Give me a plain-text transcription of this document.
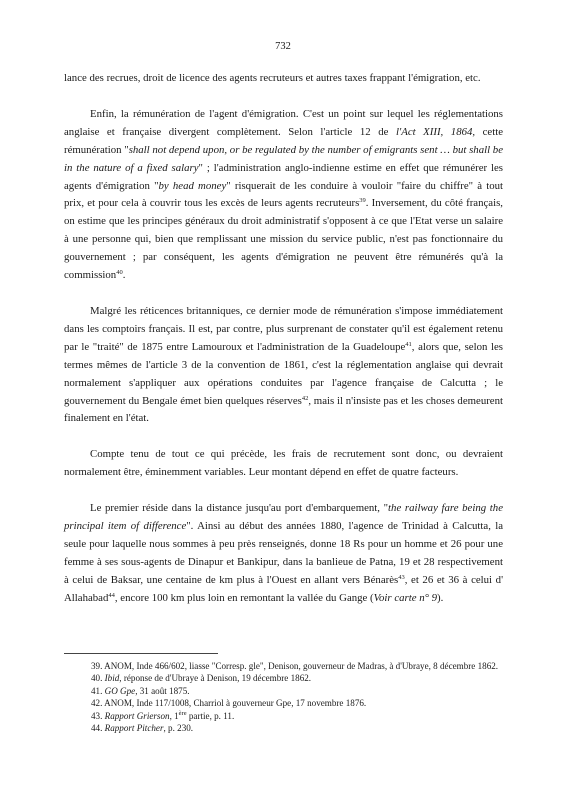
732

lance des recrues, droit de licence des agents recruteurs et autres taxes frappant l'émigration, etc.

Enfin, la rémunération de l'agent d'émigration. C'est un point sur lequel les réglementations anglaise et française divergent complètement. Selon l'article 12 de l'Act XIII, 1864, cette rémunération "shall not depend upon, or be regulated by the number of emigrants sent … but shall be in the nature of a fixed salary" ; l'administration anglo-indienne estime en effet que rémunérer les agents d'émigration "by head money" risquerait de les conduire à vouloir "faire du chiffre" à tout prix, et pour cela à couvrir tous les excès de leurs agents recruteurs$^{39}$. Inversement, du côté français, on estime que les principes généraux du droit administratif s'opposent à ce que l'Etat verse un salaire à une personne qui, bien que remplissant une mission du service public, n'est pas fonctionnaire du gouvernement ; par conséquent, les agents d'émigration ne peuvent être rémunérés qu'à la commission$^{40}$.

Malgré les réticences britanniques, ce dernier mode de rémunération s'impose immédiatement dans les comptoirs français. Il est, par contre, plus surprenant de constater qu'il est également retenu par le "traité" de 1875 entre Lamouroux et l'administration de la Guadeloupe$^{41}$, alors que, selon les termes mêmes de l'article 3 de la convention de 1861, c'est la réglementation anglaise qui devrait normalement s'appliquer aux opérations conduites par l'agence française de Calcutta ; le gouvernement du Bengale émet bien quelques réserves$^{42}$, mais il n'insiste pas et les choses demeurent finalement en l'état.

Compte tenu de tout ce qui précède, les frais de recrutement sont donc, ou devraient normalement être, éminemment variables. Leur montant dépend en effet de quatre facteurs.

Le premier réside dans la distance jusqu'au port d'embarquement, "the railway fare being the principal item of difference". Ainsi au début des années 1880, l'agence de Trinidad à Calcutta, la seule pour laquelle nous sommes à peu près renseignés, donne 18 Rs pour un homme et 26 pour une femme à ses sous-agents de Dinapur et Bankipur, dans la banlieue de Patna, 19 et 28 respectivement à celui de Baksar, une centaine de km plus à l'Ouest en allant vers Bénarès$^{43}$, et 26 et 36 à celui d' Allahabad$^{44}$, encore 100 km plus loin en remontant la vallée du Gange (Voir carte n° 9).

39. ANOM, Inde 466/602, liasse "Corresp. gle", Denison, gouverneur de Madras, à d'Ubraye, 8 décembre 1862.

40. Ibid, réponse de d'Ubraye à Denison, 19 décembre 1862.

41. GO Gpe, 31 août 1875.

42. ANOM, Inde 117/1008, Charriol à gouverneur Gpe, 17 novembre 1876.

43. Rapport Grierson, 1ère partie, p. 11.

44. Rapport Pitcher, p. 230.
